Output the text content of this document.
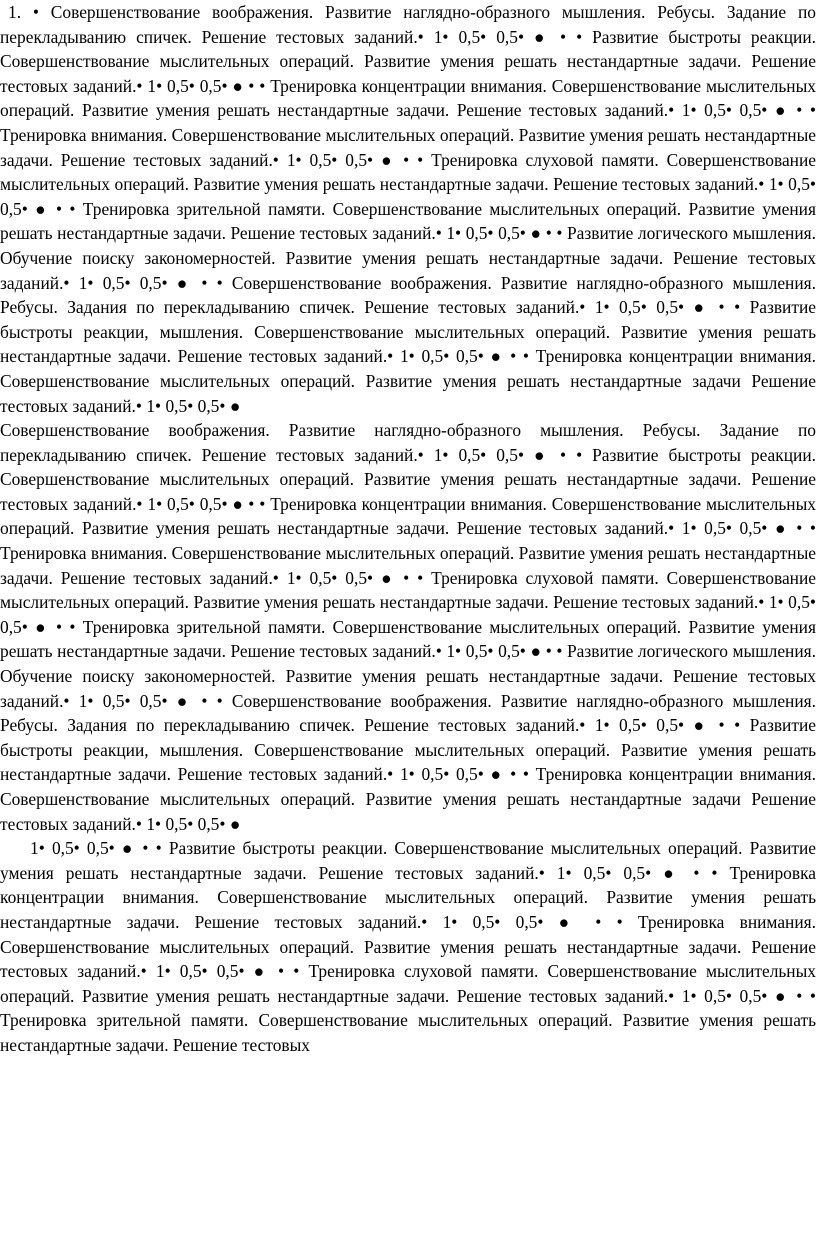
1. • Совершенствование воображения. Развитие наглядно-образного мышления. Ребусы. Задание по перекладыванию спичек. Решение тестовых заданий.• 1• 0,5• 0,5• ● • • Развитие быстроты реакции. Совершенствование мыслительных операций. Развитие умения решать нестандартные задачи. Решение тестовых заданий.• 1• 0,5• 0,5• ● • • Тренировка концентрации внимания. Совершенствование мыслительных операций. Развитие умения решать нестандартные задачи. Решение тестовых заданий.• 1• 0,5• 0,5• ● • • Тренировка внимания. Совершенствование мыслительных операций. Развитие умения решать нестандартные задачи. Решение тестовых заданий.• 1• 0,5• 0,5• ● • • Тренировка слуховой памяти. Совершенствование мыслительных операций. Развитие умения решать нестандартные задачи. Решение тестовых заданий.• 1• 0,5• 0,5• ● • • Тренировка зрительной памяти. Совершенствование мыслительных операций. Развитие умения решать нестандартные задачи. Решение тестовых заданий.• 1• 0,5• 0,5• ● • • Развитие логического мышления. Обучение поиску закономерностей. Развитие умения решать нестандартные задачи. Решение тестовых заданий.• 1• 0,5• 0,5• ● • • Совершенствование воображения. Развитие наглядно-образного мышления. Ребусы. Задания по перекладыванию спичек. Решение тестовых заданий.• 1• 0,5• 0,5• ● • • Развитие быстроты реакции, мышления. Совершенствование мыслительных операций. Развитие умения решать нестандартные задачи. Решение тестовых заданий.• 1• 0,5• 0,5• ● • • Тренировка концентрации внимания. Совершенствование мыслительных операций. Развитие умения решать нестандартные задачи Решение тестовых заданий.• 1• 0,5• 0,5• ●

Совершенствование воображения. Развитие наглядно-образного мышления. Ребусы. Задание по перекладыванию спичек. Решение тестовых заданий.• 1• 0,5• 0,5• ● • • Развитие быстроты реакции. Совершенствование мыслительных операций. Развитие умения решать нестандартные задачи. Решение тестовых заданий.• 1• 0,5• 0,5• ● • • Тренировка концентрации внимания. Совершенствование мыслительных операций. Развитие умения решать нестандартные задачи. Решение тестовых заданий.• 1• 0,5• 0,5• ● • • Тренировка внимания. Совершенствование мыслительных операций. Развитие умения решать нестандартные задачи. Решение тестовых заданий.• 1• 0,5• 0,5• ● • • Тренировка слуховой памяти. Совершенствование мыслительных операций. Развитие умения решать нестандартные задачи. Решение тестовых заданий.• 1• 0,5• 0,5• ● • • Тренировка зрительной памяти. Совершенствование мыслительных операций. Развитие умения решать нестандартные задачи. Решение тестовых заданий.• 1• 0,5• 0,5• ● • • Развитие логического мышления. Обучение поиску закономерностей. Развитие умения решать нестандартные задачи. Решение тестовых заданий.• 1• 0,5• 0,5• ● • • Совершенствование воображения. Развитие наглядно-образного мышления. Ребусы. Задания по перекладыванию спичек. Решение тестовых заданий.• 1• 0,5• 0,5• ● • • Развитие быстроты реакции, мышления. Совершенствование мыслительных операций. Развитие умения решать нестандартные задачи. Решение тестовых заданий.• 1• 0,5• 0,5• ● • • Тренировка концентрации внимания. Совершенствование мыслительных операций. Развитие умения решать нестандартные задачи Решение тестовых заданий.• 1• 0,5• 0,5• ●

1• 0,5• 0,5• ● • • Развитие быстроты реакции. Совершенствование мыслительных операций. Развитие умения решать нестандартные задачи. Решение тестовых заданий.• 1• 0,5• 0,5• ● • • Тренировка концентрации внимания. Совершенствование мыслительных операций. Развитие умения решать нестандартные задачи. Решение тестовых заданий.• 1• 0,5• 0,5• ● • • Тренировка внимания. Совершенствование мыслительных операций. Развитие умения решать нестандартные задачи. Решение тестовых заданий.• 1• 0,5• 0,5• ● • • Тренировка слуховой памяти. Совершенствование мыслительных операций. Развитие умения решать нестандартные задачи. Решение тестовых заданий.• 1• 0,5• 0,5• ● • • Тренировка зрительной памяти. Совершенствование мыслительных операций. Развитие умения решать нестандартные задачи. Решение тестовых
